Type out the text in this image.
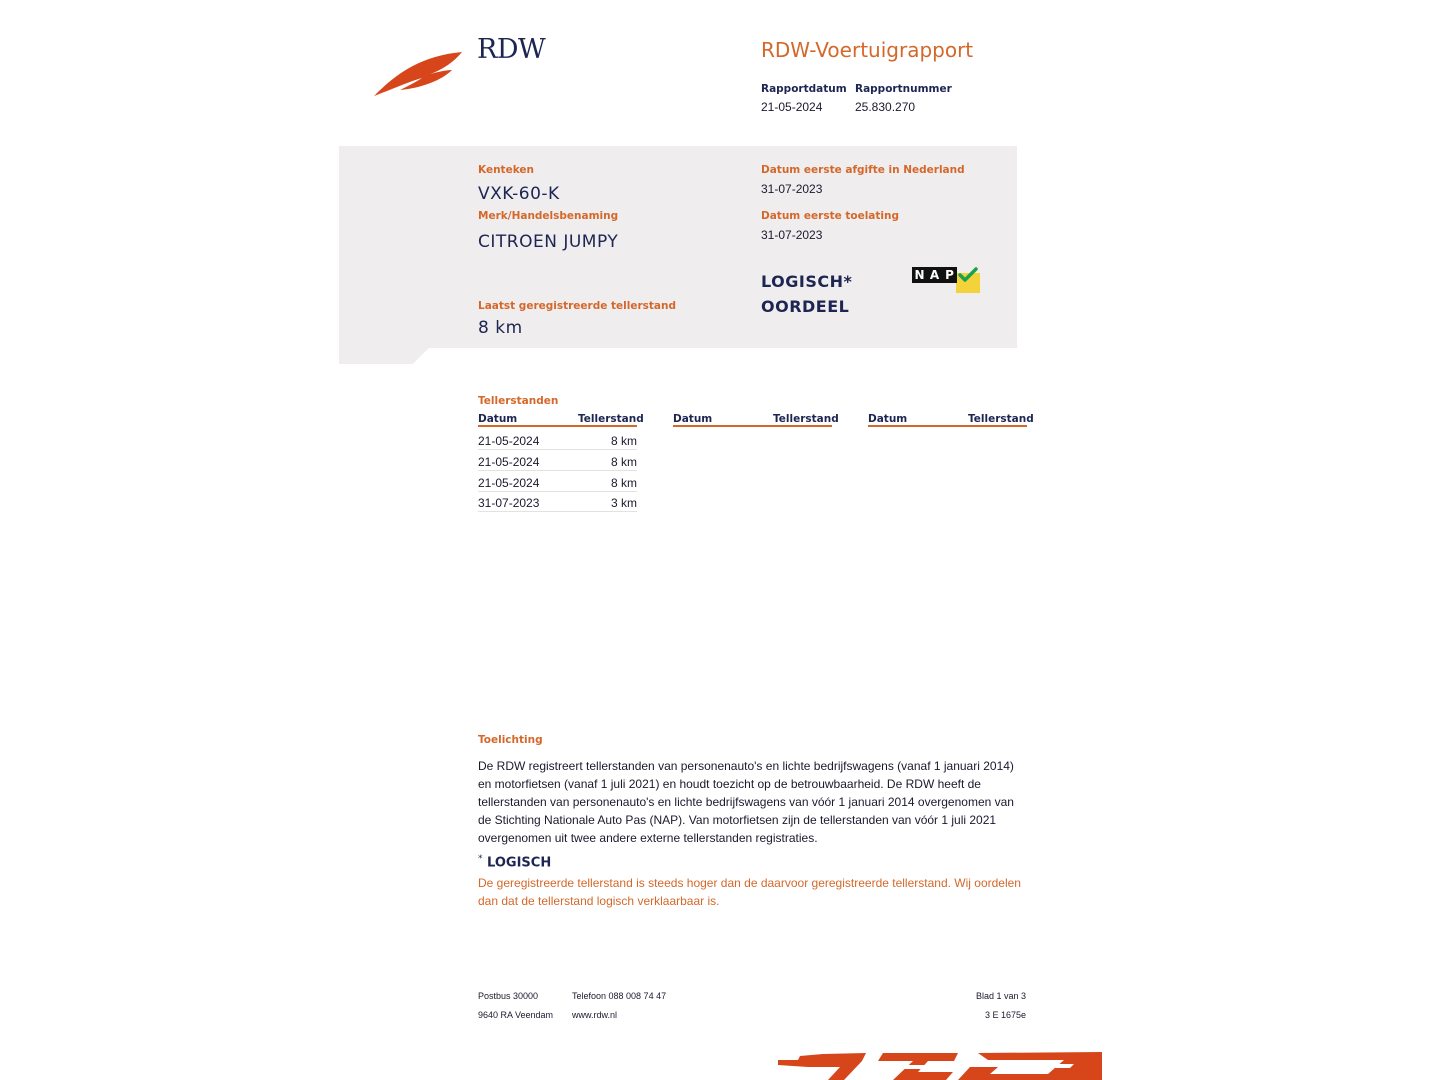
RDW	RDW-Voertuigrapport
Rapportdatum
21-05-2024
Rapportnummer
25.830.270
Kenteken
VXK-60-K
Merk/Handelsbenaming
CITROEN JUMPY
Datum eerste afgifte in Nederland
31-07-2023
Datum eerste toelating
31-07-2023
LOGISCH*
OORDEEL
N A P
Laatst geregistreerde tellerstand
8 km
Tellerstanden
Datum	Tellerstand	Datum	Tellerstand	Datum	Tellerstand
21-05-2024	8 km
21-05-2024	8 km
21-05-2024	8 km
31-07-2023	3 km
Toelichting
De RDW registreert tellerstanden van personenauto's en lichte bedrijfswagens (vanaf 1 januari 2014) en motorfietsen (vanaf 1 juli 2021) en houdt toezicht op de betrouwbaarheid. De RDW heeft de tellerstanden van personenauto's en lichte bedrijfswagens van vóór 1 januari 2014 overgenomen van de Stichting Nationale Auto Pas (NAP). Van motorfietsen zijn de tellerstanden van vóór 1 juli 2021 overgenomen uit twee andere externe tellerstanden registraties.
* LOGISCH
De geregistreerde tellerstand is steeds hoger dan de daarvoor geregistreerde tellerstand. Wij oordelen dan dat de tellerstand logisch verklaarbaar is.
Postbus 30000
9640 RA Veendam
Telefoon 088 008 74 47
www.rdw.nl
Blad 1 van 3
3 E 1675e
